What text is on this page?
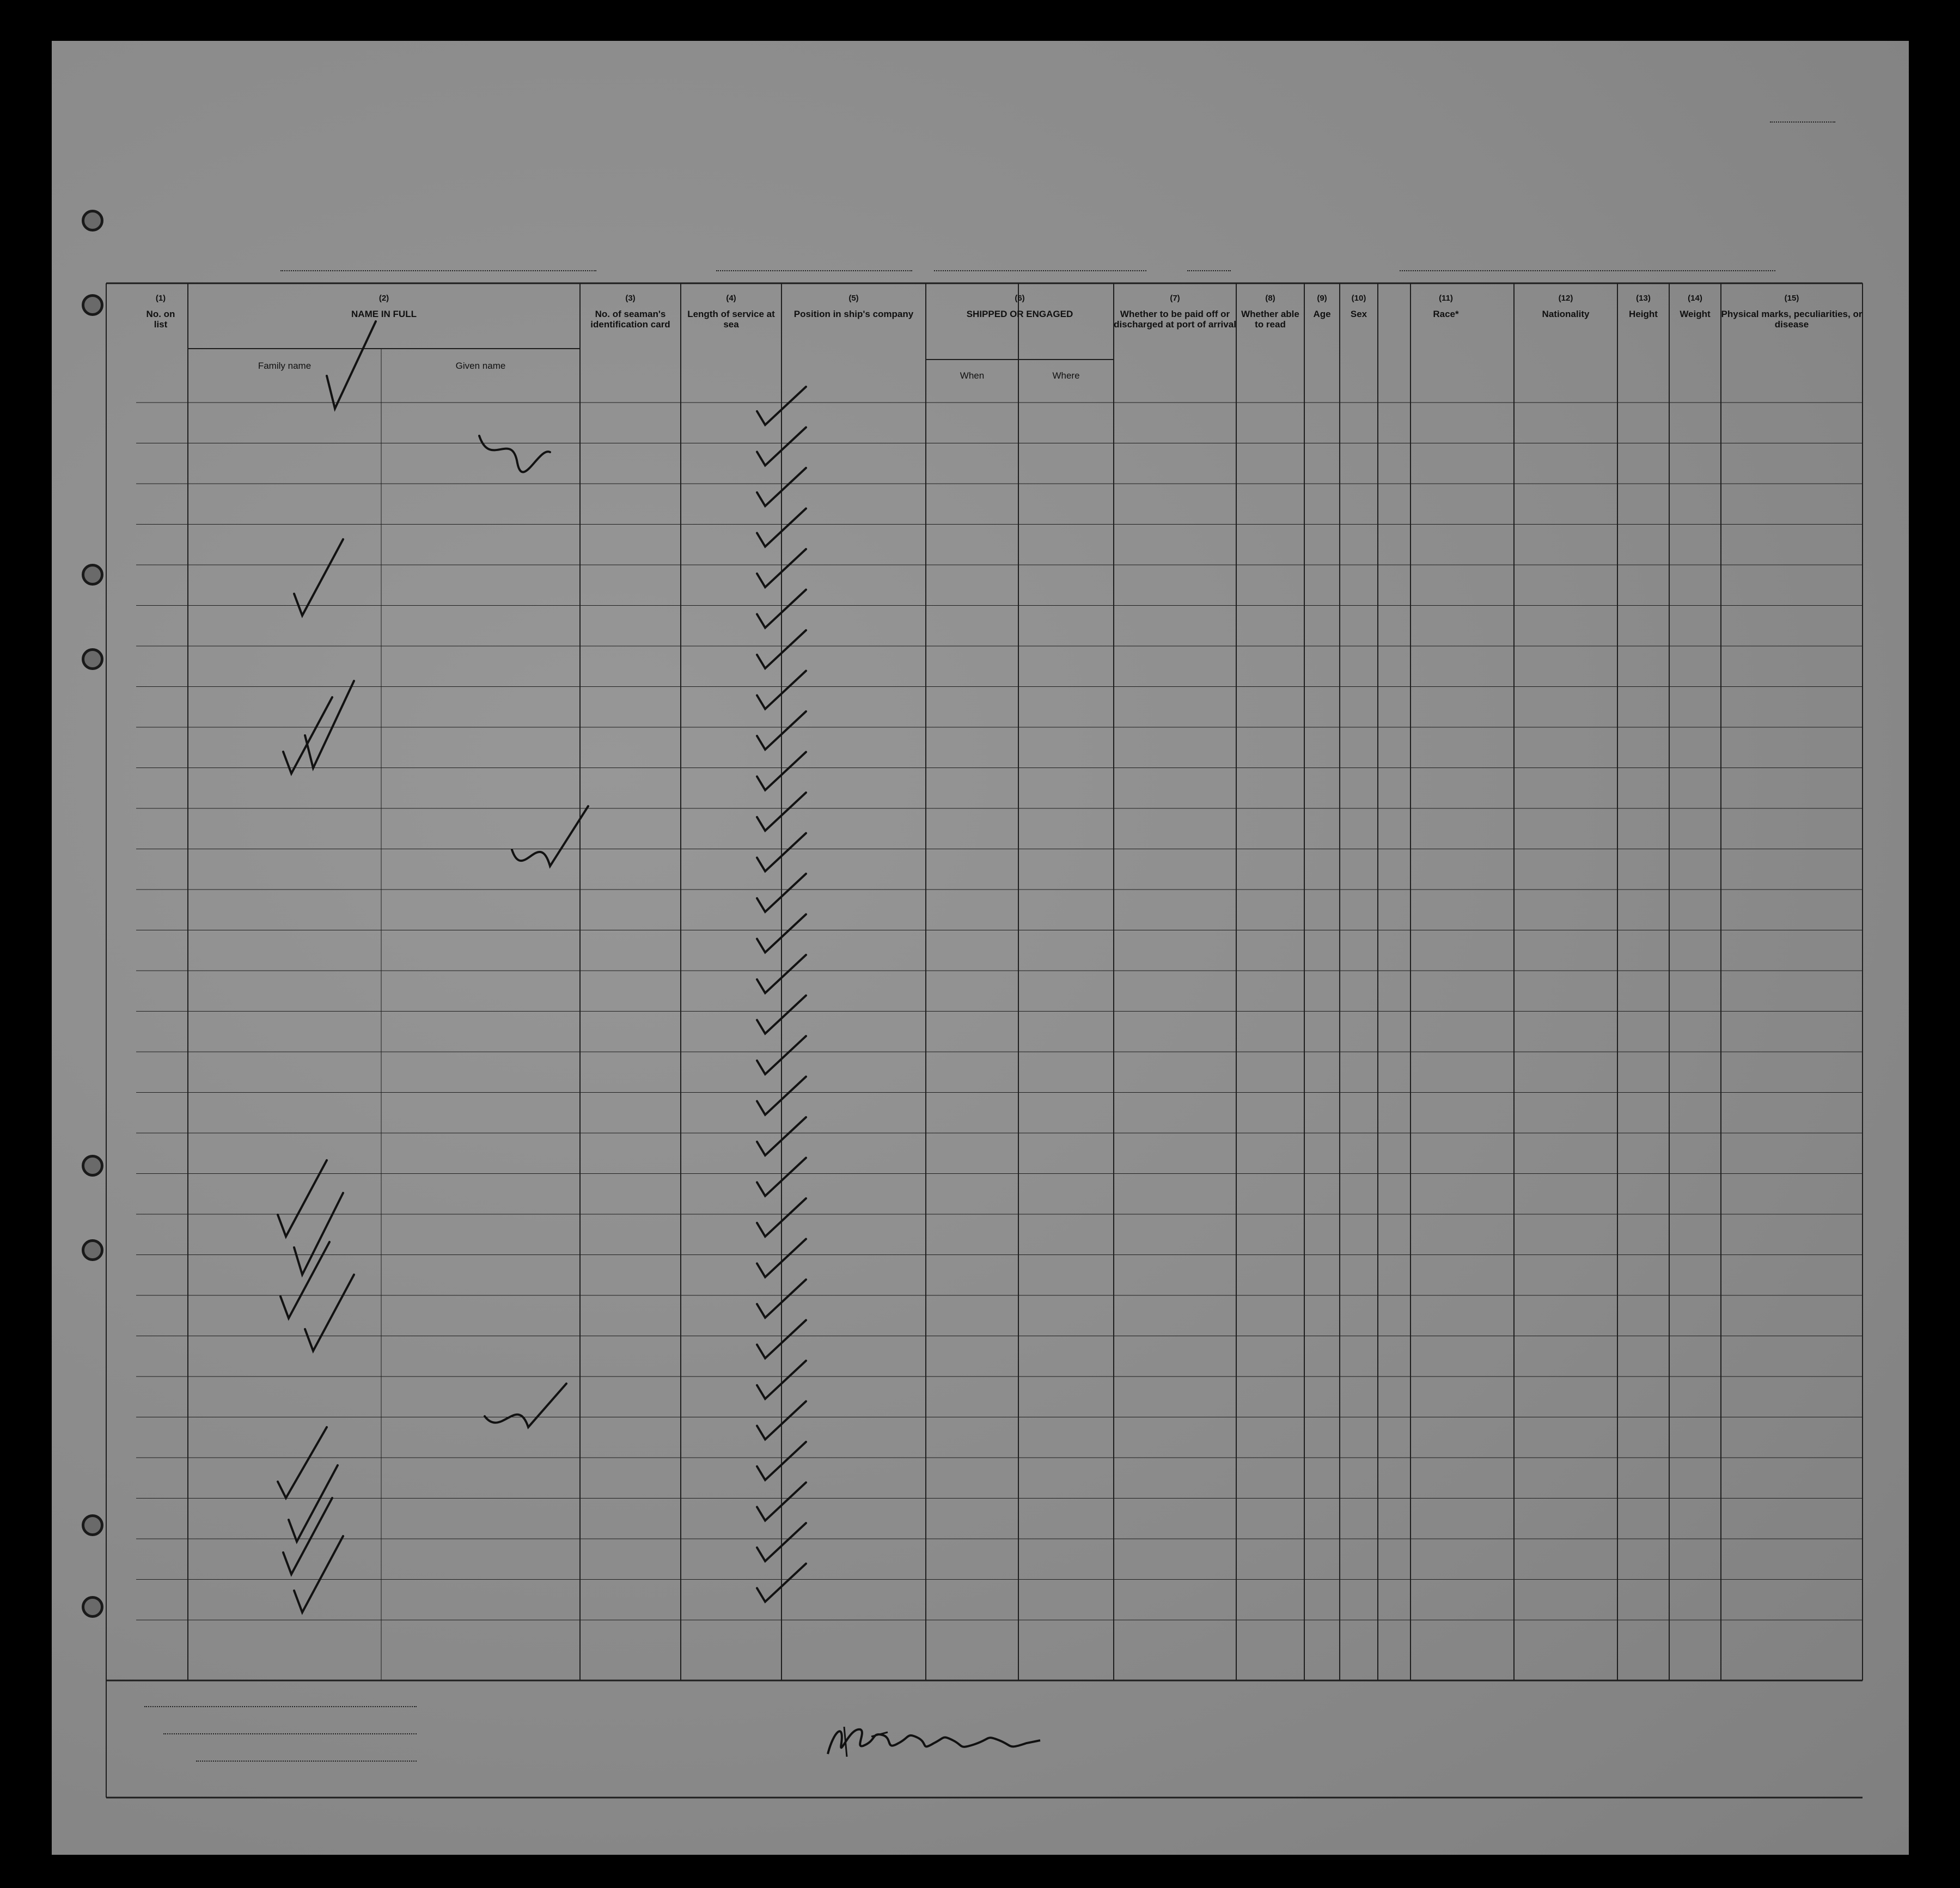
(1)
No. on list
(2)
NAME IN FULL
Family name	Given name
(3)
No. of seaman's identification card
(4)
Length of service at sea
(5)
Position in ship's company
(6)
SHIPPED OR ENGAGED
When	Where
(7)
Whether to be paid off or discharged at port of arrival
(8)
Whether able to read
(9)
Age
(10)
Sex
(11)
Race*
(12)
Nationality
(13)
Height
(14)
Weight
(15)
Physical marks, peculiarities, or disease
